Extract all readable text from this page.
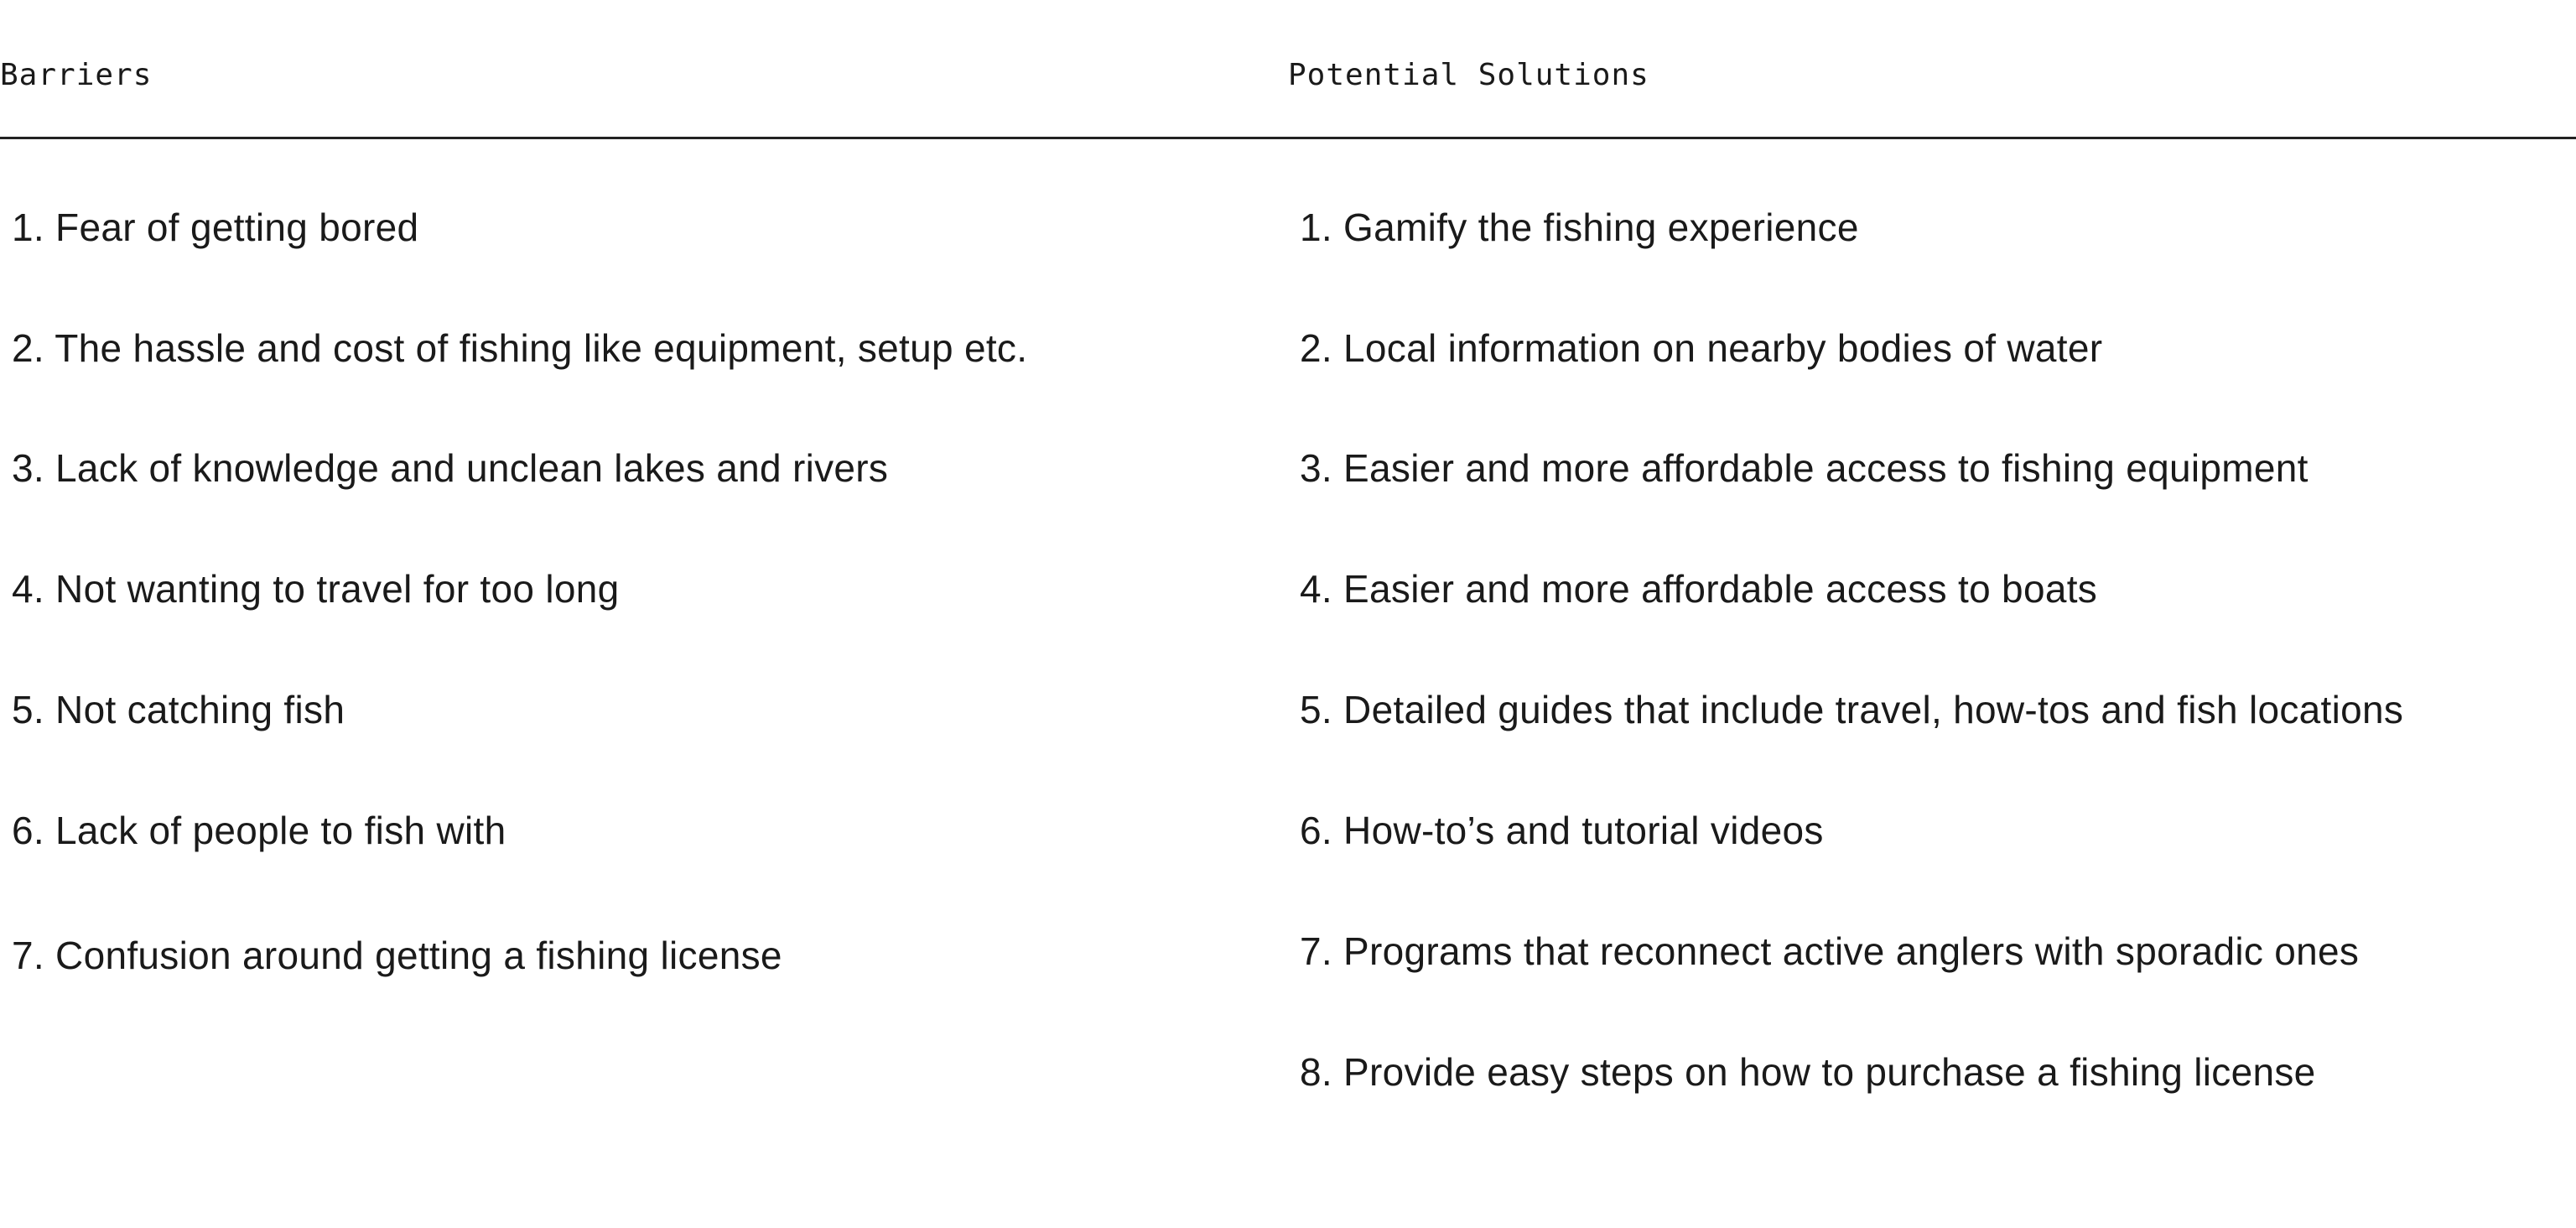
Barriers	Potential Solutions
1. Fear of getting bored
2. The hassle and cost of fishing like equipment, setup etc.
3. Lack of knowledge and unclean lakes and rivers
4. Not wanting to travel for too long
5. Not catching fish
6. Lack of people to fish with
7. Confusion around getting a fishing license
1. Gamify the fishing experience
2. Local information on nearby bodies of water
3. Easier and more affordable access to fishing equipment
4. Easier and more affordable access to boats
5. Detailed guides that include travel, how-tos and fish locations
6. How-to’s and tutorial videos
7. Programs that reconnect active anglers with sporadic ones
8. Provide easy steps on how to purchase a fishing license
